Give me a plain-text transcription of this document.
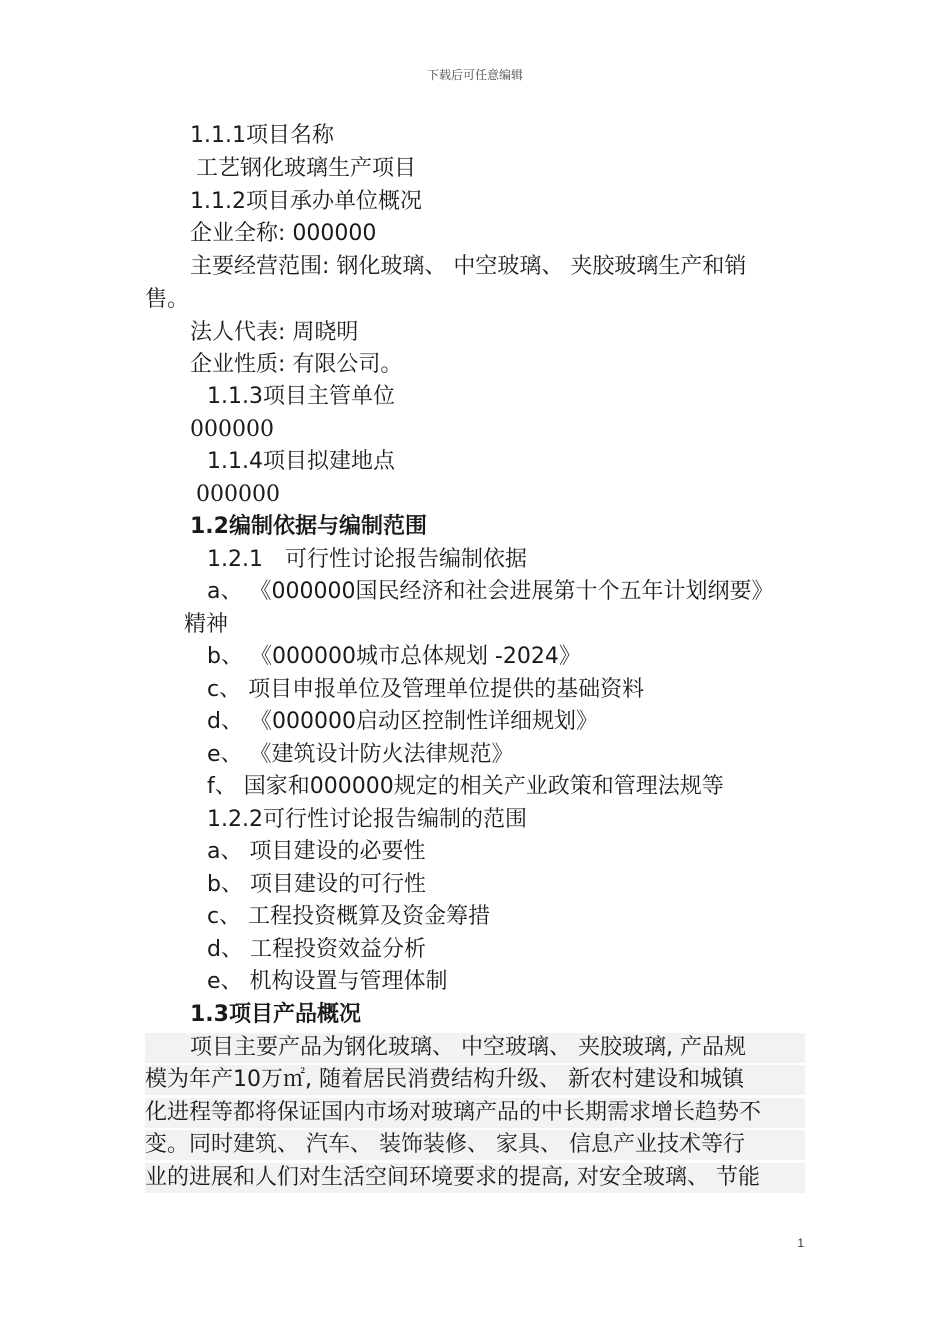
下载后可任意编辑
1.1.1项目名称
工艺钢化玻璃生产项目
1.1.2项目承办单位概况
企业全称: 000000
主要经营范围: 钢化玻璃、 中空玻璃、 夹胶玻璃生产和销
售。
法人代表: 周晓明
企业性质: 有限公司。
1.1.3项目主管单位
000000
1.1.4项目拟建地点
000000
1.2编制依据与编制范围
1.2.1　可行性讨论报告编制依据
a、 《000000国民经济和社会进展第十个五年计划纲要》
精神
b、 《000000城市总体规划 -2024》
c、 项目申报单位及管理单位提供的基础资料
d、 《000000启动区控制性详细规划》
e、 《建筑设计防火法律规范》
f、 国家和000000规定的相关产业政策和管理法规等
1.2.2可行性讨论报告编制的范围
a、 项目建设的必要性
b、 项目建设的可行性
c、 工程投资概算及资金筹措
d、 工程投资效益分析
e、 机构设置与管理体制
1.3项目产品概况
项目主要产品为钢化玻璃、 中空玻璃、 夹胶玻璃, 产品规
模为年产10万㎡, 随着居民消费结构升级、 新农村建设和城镇
化进程等都将保证国内市场对玻璃产品的中长期需求增长趋势不
变。同时建筑、 汽车、 装饰装修、 家具、 信息产业技术等行
业的进展和人们对生活空间环境要求的提高, 对安全玻璃、 节能
1
